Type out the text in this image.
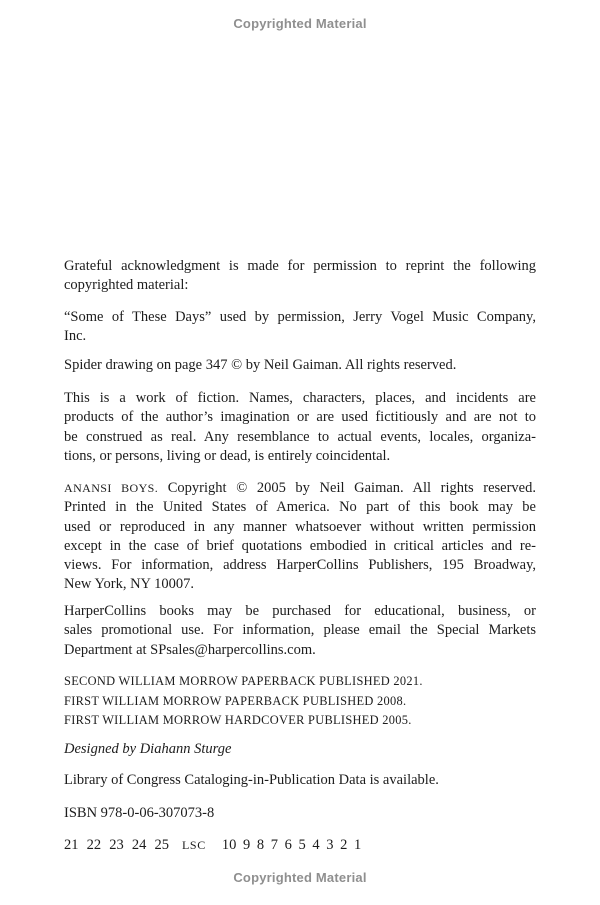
Copyrighted Material
Grateful acknowledgment is made for permission to reprint the following
copyrighted material:
“Some of These Days” used by permission, Jerry Vogel Music Company,
Inc.
Spider drawing on page 347 © by Neil Gaiman. All rights reserved.
This is a work of fiction. Names, characters, places, and incidents are
products of the author’s imagination or are used fictitiously and are not to
be construed as real. Any resemblance to actual events, locales, organiza-
tions, or persons, living or dead, is entirely coincidental.
ANANSI BOYS. Copyright © 2005 by Neil Gaiman. All rights reserved.
Printed in the United States of America. No part of this book may be
used or reproduced in any manner whatsoever without written permission
except in the case of brief quotations embodied in critical articles and re-
views. For information, address HarperCollins Publishers, 195 Broadway,
New York, NY 10007.
HarperCollins books may be purchased for educational, business, or
sales promotional use. For information, please email the Special Markets
Department at SPsales@harpercollins.com.
SECOND WILLIAM MORROW PAPERBACK PUBLISHED 2021.
FIRST WILLIAM MORROW PAPERBACK PUBLISHED 2008.
FIRST WILLIAM MORROW HARDCOVER PUBLISHED 2005.
Designed by Diahann Sturge
Library of Congress Cataloging-in-Publication Data is available.
ISBN 978-0-06-307073-8
21 22 23 24 25 LSC 10 9 8 7 6 5 4 3 2 1
Copyrighted Material
